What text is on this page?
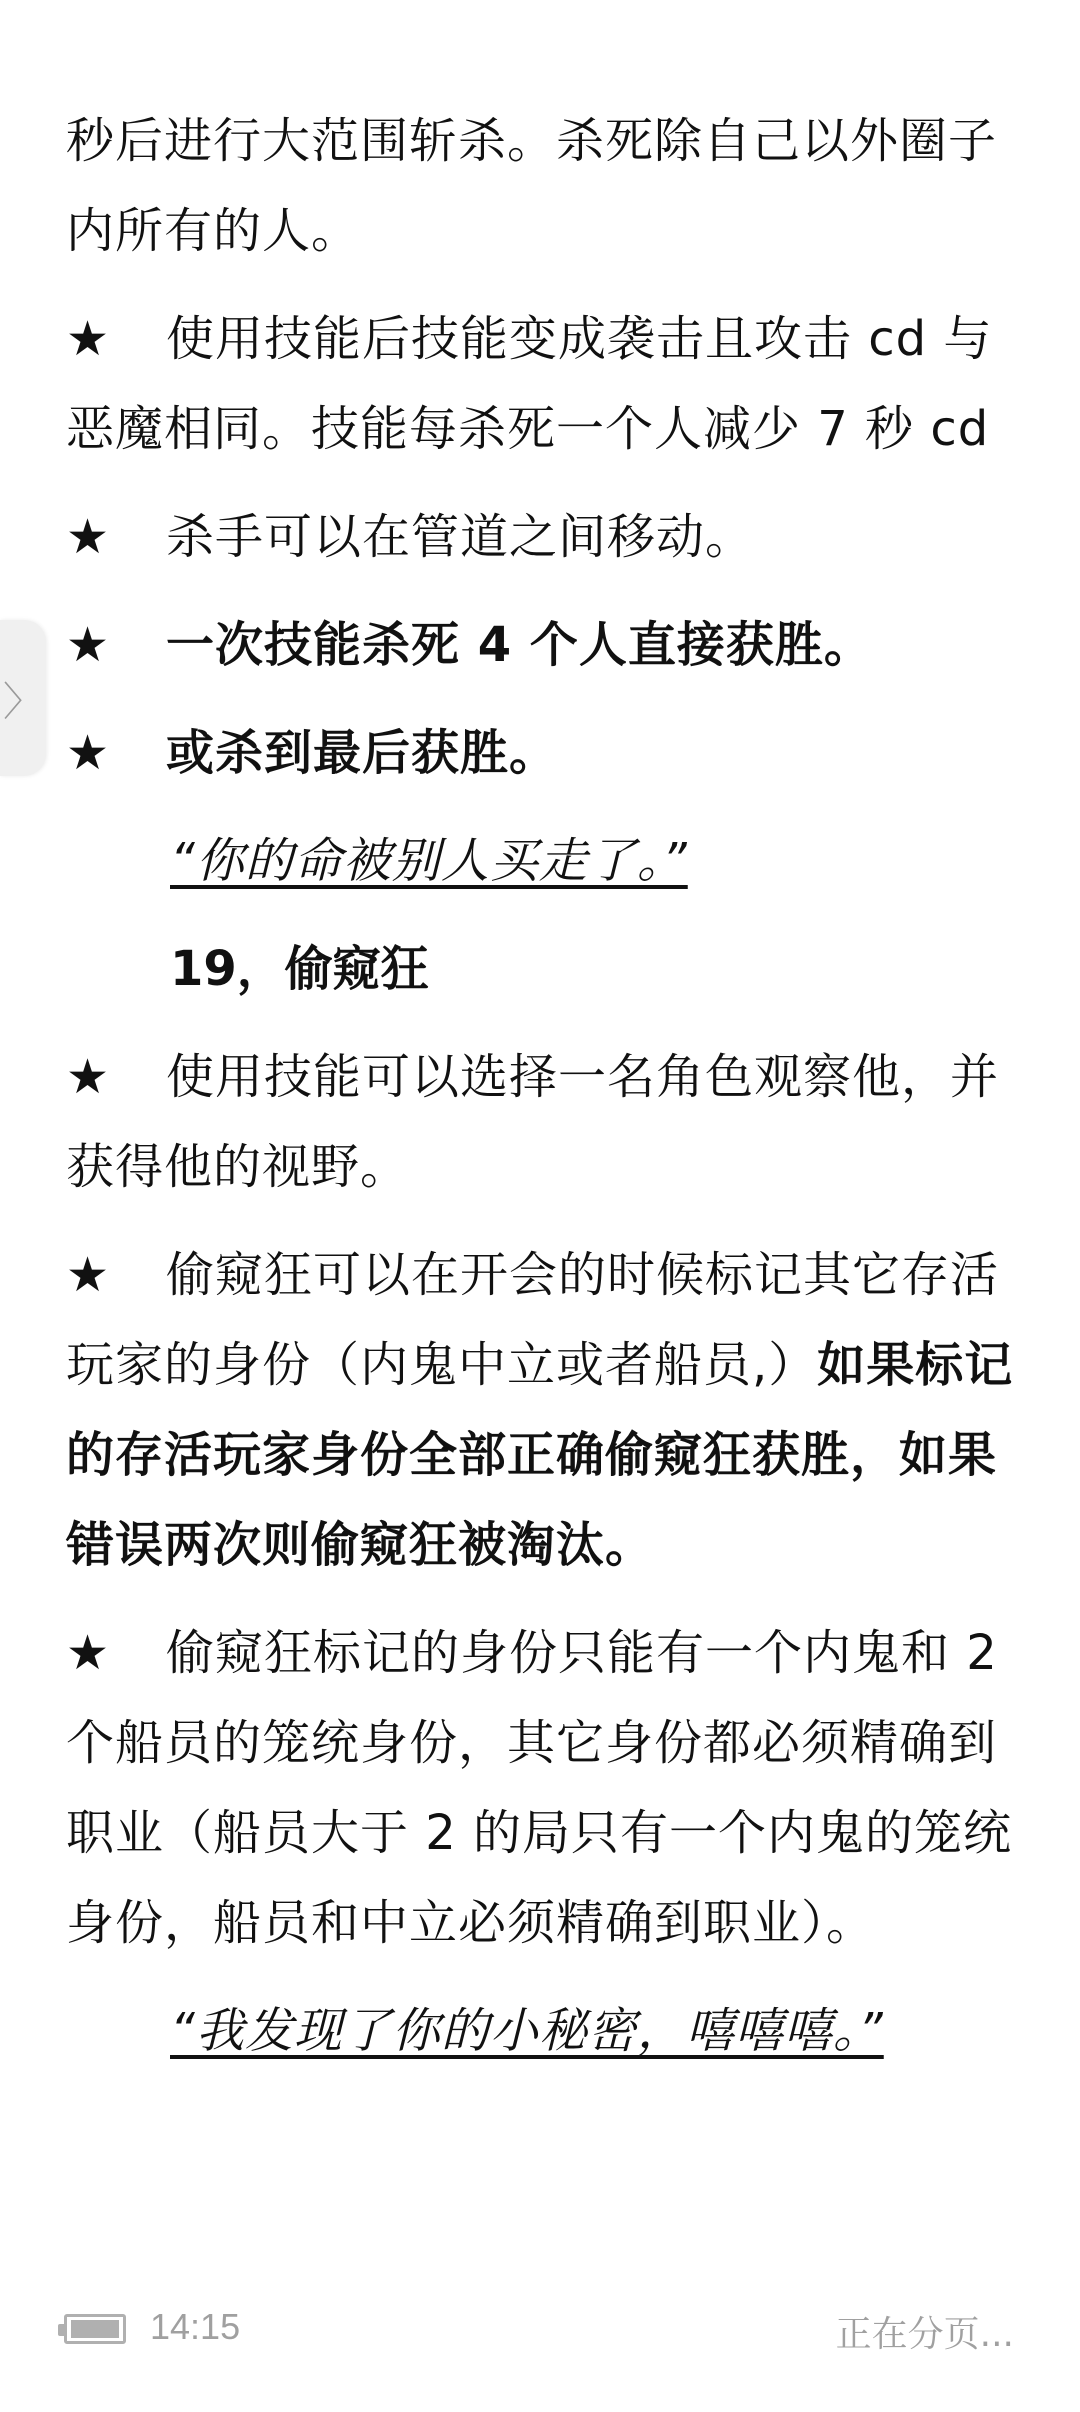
秒后进行大范围斩杀。杀死除自己以外圈子内所有的人。

★ 使用技能后技能变成袭击且攻击 cd 与恶魔相同。技能每杀死一个人减少 7 秒 cd

★ 杀手可以在管道之间移动。

★ 一次技能杀死 4 个人直接获胜。

★ 或杀到最后获胜。

“你的命被别人买走了。”

19，偷窥狂

★ 使用技能可以选择一名角色观察他，并获得他的视野。

★ 偷窥狂可以在开会的时候标记其它存活玩家的身份（内鬼中立或者船员,）如果标记的存活玩家身份全部正确偷窥狂获胜，如果错误两次则偷窥狂被淘汰。

★ 偷窥狂标记的身份只能有一个内鬼和 2 个船员的笼统身份，其它身份都必须精确到职业（船员大于 2 的局只有一个内鬼的笼统身份，船员和中立必须精确到职业）。

“我发现了你的小秘密，嘻嘻嘻。”

〉
14:15	正在分页...
